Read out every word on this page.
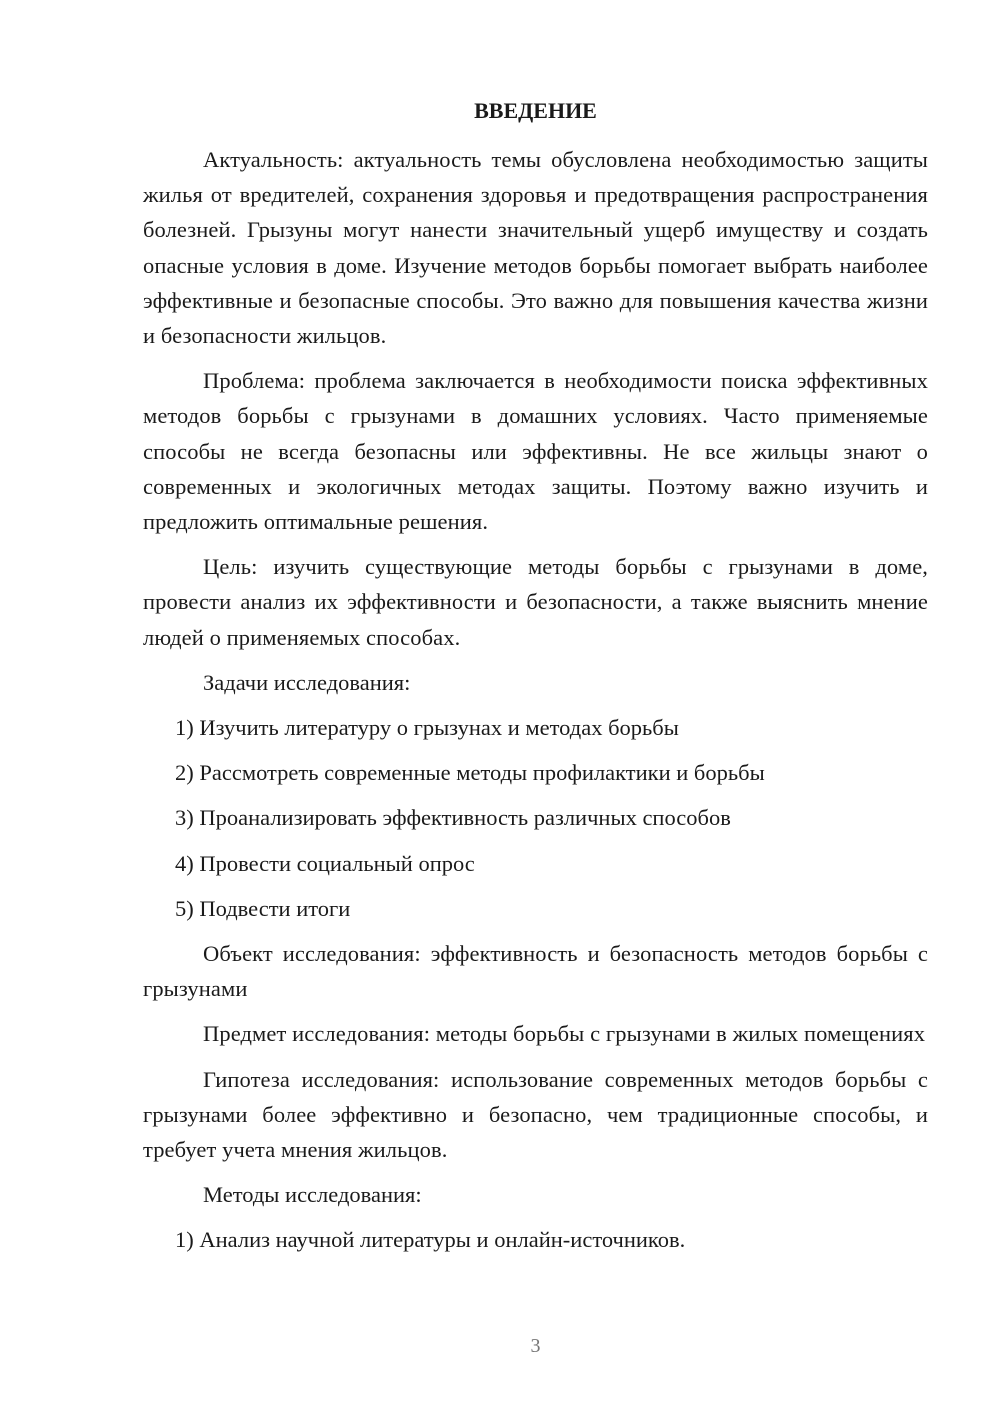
ВВЕДЕНИЕ

Актуальность: актуальность темы обусловлена необходимостью защиты жилья от вредителей, сохранения здоровья и предотвращения распространения болезней. Грызуны могут нанести значительный ущерб имуществу и создать опасные условия в доме. Изучение методов борьбы помогает выбрать наиболее эффективные и безопасные способы. Это важно для повышения качества жизни и безопасности жильцов.

Проблема: проблема заключается в необходимости поиска эффективных методов борьбы с грызунами в домашних условиях. Часто применяемые способы не всегда безопасны или эффективны. Не все жильцы знают о современных и экологичных методах защиты. Поэтому важно изучить и предложить оптимальные решения.

Цель: изучить существующие методы борьбы с грызунами в доме, провести анализ их эффективности и безопасности, а также выяснить мнение людей о применяемых способах.

Задачи исследования:

1) Изучить литературу о грызунах и методах борьбы

2) Рассмотреть современные методы профилактики и борьбы

3) Проанализировать эффективность различных способов

4) Провести социальный опрос

5) Подвести итоги

Объект исследования: эффективность и безопасность методов борьбы с грызунами

Предмет исследования: методы борьбы с грызунами в жилых помещениях

Гипотеза исследования: использование современных методов борьбы с грызунами более эффективно и безопасно, чем традиционные способы, и требует учета мнения жильцов.

Методы исследования:

1) Анализ научной литературы и онлайн-источников.

3
